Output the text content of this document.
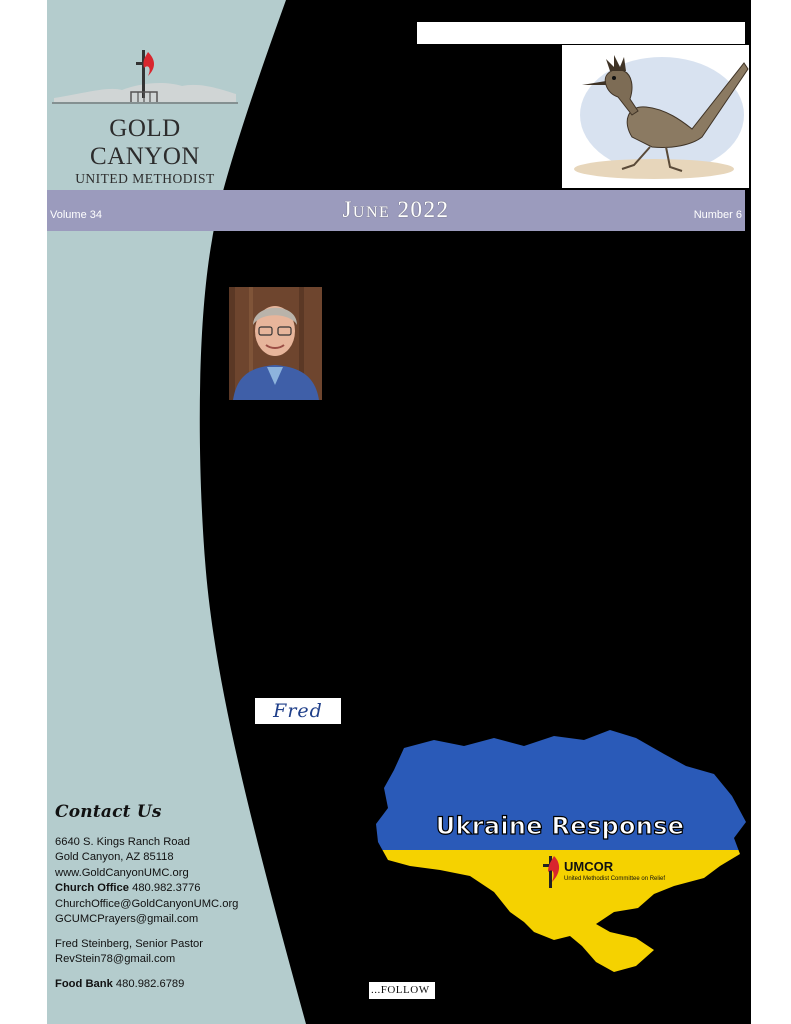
GOLD CANYON
UNITED METHODIST
Volume 34	June 2022	Number 6
Fred
Ukraine Response
UMCOR
United Methodist Committee on Relief
Contact Us
6640 S. Kings Ranch Road
Gold Canyon, AZ 85118
www.GoldCanyonUMC.org
Church Office 480.982.3776
ChurchOffice@GoldCanyonUMC.org
GCUMCPrayers@gmail.com
Fred Steinberg, Senior Pastor
RevStein78@gmail.com
Food Bank 480.982.6789
...FOLLOW
